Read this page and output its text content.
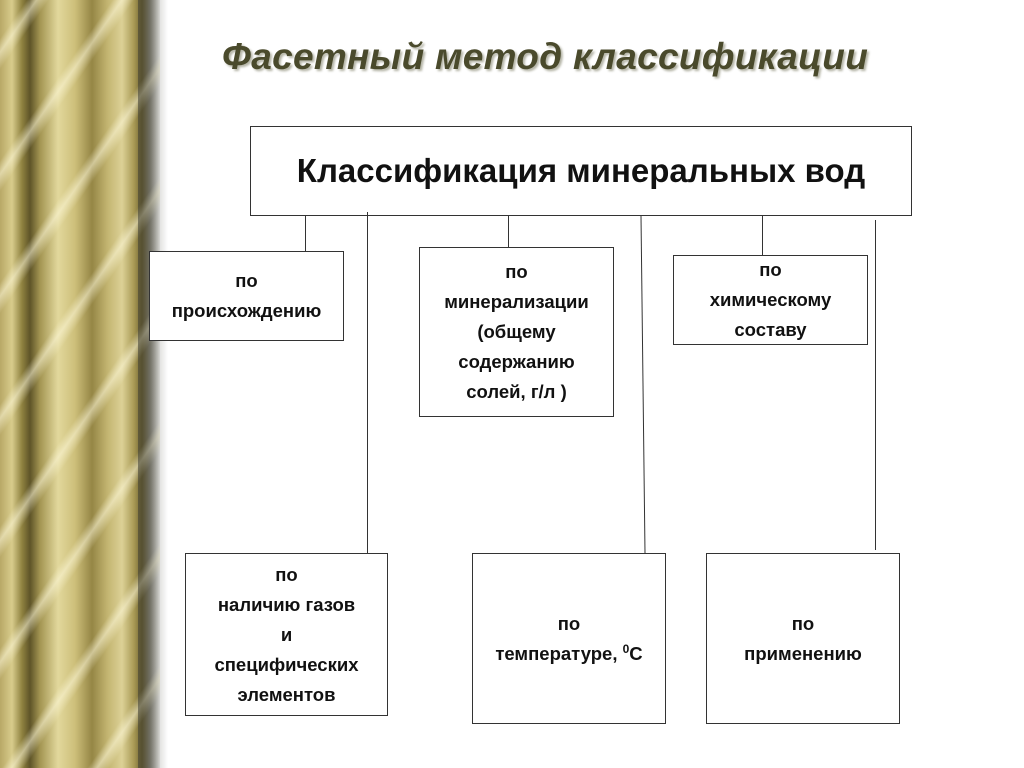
Фасетный метод классификации
Классификация минеральных вод
по
происхождению
по
минерализации
(общему
содержанию
солей, г/л )
по
химическому
составу
по
наличию газов
и
специфических
элементов
по
температуре, $^0$С
по
применению
